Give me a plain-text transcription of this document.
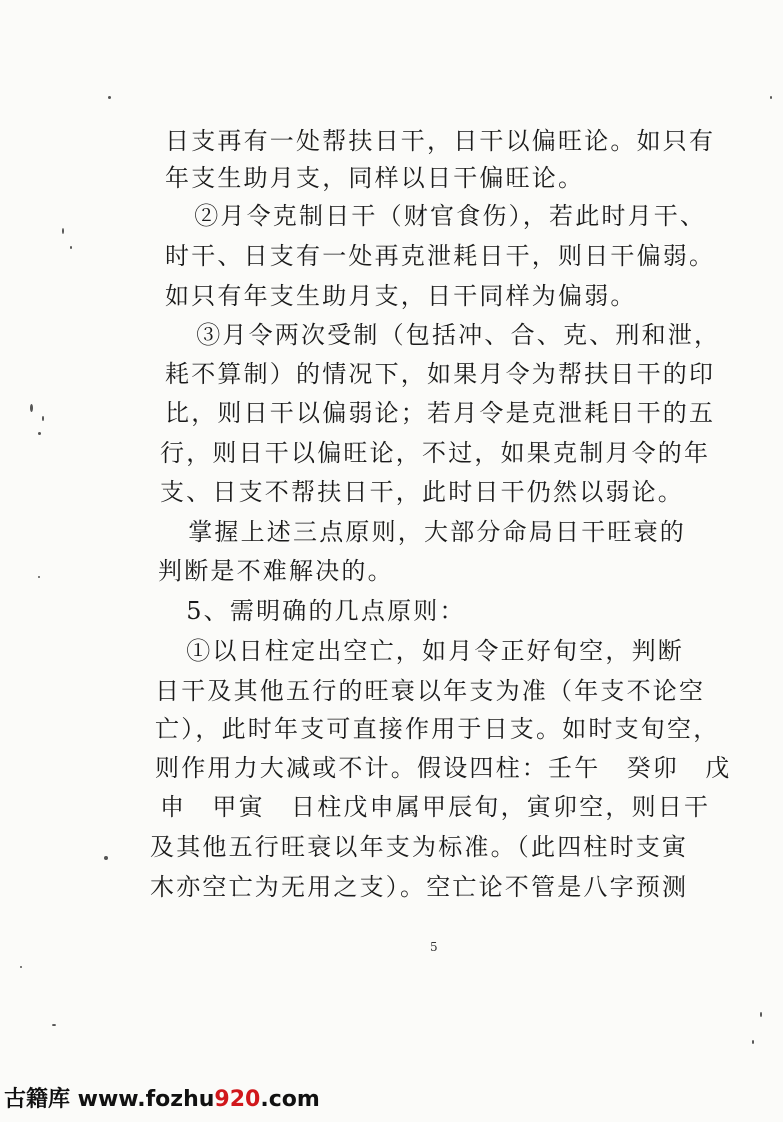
日支再有一处帮扶日干，日干以偏旺论。如只有
年支生助月支，同样以日干偏旺论。
　②月令克制日干（财官食伤），若此时月干、
时干、日支有一处再克泄耗日干，则日干偏弱。
如只有年支生助月支，日干同样为偏弱。
　③月令两次受制（包括冲、合、克、刑和泄，
耗不算制）的情况下，如果月令为帮扶日干的印
比，则日干以偏弱论；若月令是克泄耗日干的五
行，则日干以偏旺论，不过，如果克制月令的年
支、日支不帮扶日干，此时日干仍然以弱论。
　掌握上述三点原则，大部分命局日干旺衰的
判断是不难解决的。
　5、需明确的几点原则：
　①以日柱定出空亡，如月令正好旬空，判断
日干及其他五行的旺衰以年支为准（年支不论空
亡），此时年支可直接作用于日支。如时支旬空，
则作用力大减或不计。假设四柱：壬午　癸卯　戊
申　甲寅　日柱戊申属甲辰旬，寅卯空，则日干
及其他五行旺衰以年支为标准。（此四柱时支寅
木亦空亡为无用之支）。空亡论不管是八字预测
5
古籍库 www.fozhu920.com
